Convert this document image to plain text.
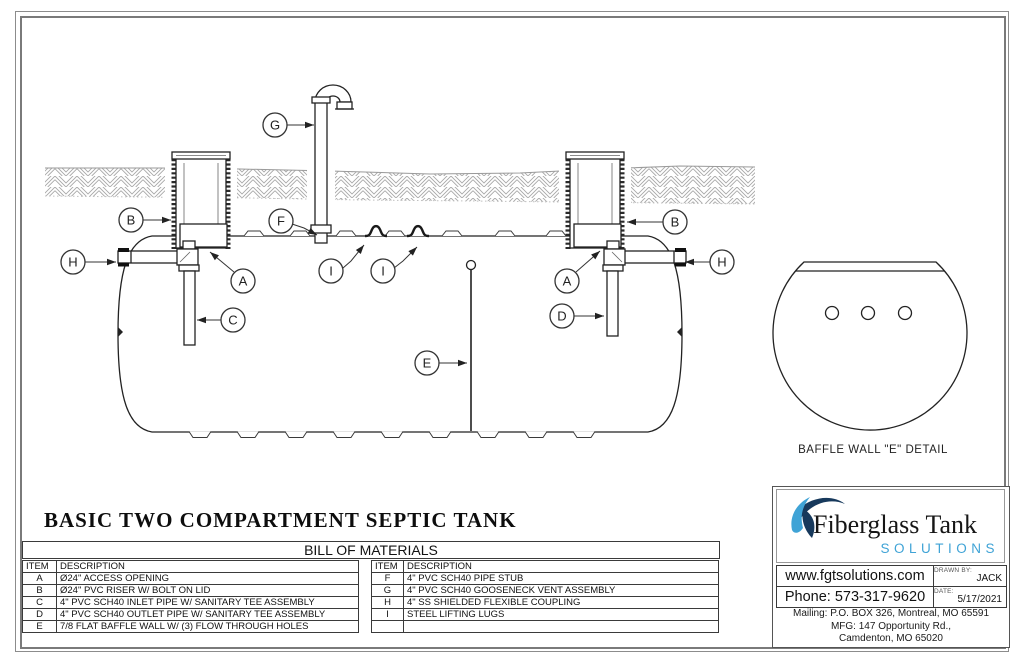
BAFFLE WALL "E" DETAIL
B	B
G
F
H	H
A	A
C	D
I	I
E
BASIC TWO COMPARTMENT SEPTIC TANK
BILL OF MATERIALS
ITEM	DESCRIPTION
A	Ø24" ACCESS OPENING
B	Ø24" PVC RISER W/ BOLT ON LID
C	4" PVC SCH40 INLET PIPE W/ SANITARY TEE ASSEMBLY
D	4" PVC SCH40 OUTLET PIPE W/ SANITARY TEE ASSEMBLY
E	7/8 FLAT BAFFLE WALL W/ (3) FLOW THROUGH HOLES
ITEM	DESCRIPTION
F	4" PVC SCH40 PIPE STUB
G	4" PVC SCH40 GOOSENECK VENT ASSEMBLY
H	4" SS SHIELDED FLEXIBLE COUPLING
I	STEEL LIFTING LUGS

Fiberglass Tank
SOLUTIONS
www.fgtsolutions.com
Phone: 573-317-9620
DRAWN BY:
JACK
DATE:
5/17/2021
Mailing: P.O. BOX 326, Montreal, MO 65591
MFG: 147 Opportunity Rd.,
Camdenton, MO 65020
